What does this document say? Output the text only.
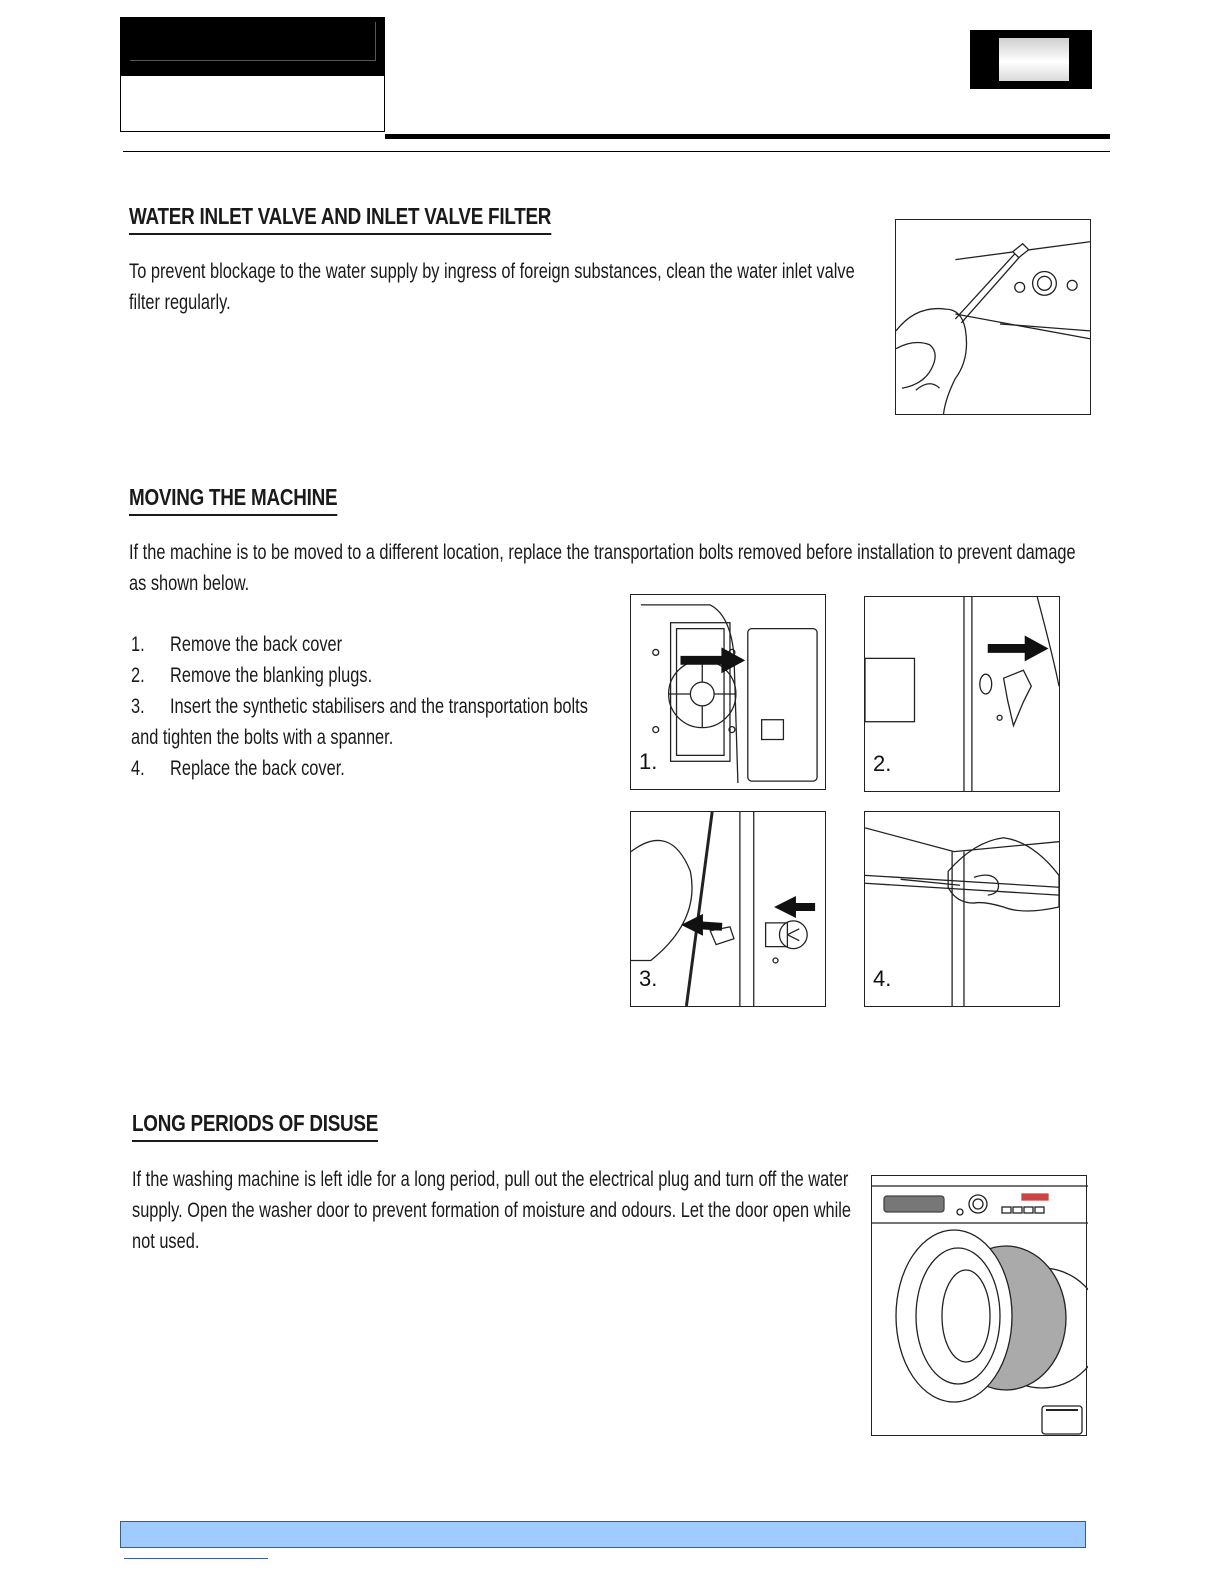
WATER INLET VALVE AND INLET VALVE FILTER

To prevent blockage to the water supply by ingress of foreign substances, clean the water inlet valve filter regularly.

MOVING THE MACHINE

If the machine is to be moved to a different location, replace the transportation bolts removed before installation to prevent damage as shown below.

1. Remove the back cover
2. Remove the blanking plugs.
3. Insert the synthetic stabilisers and the transportation bolts
and tighten the bolts with a spanner.
4. Replace the back cover.	1.	2.
3.	4.
LONG PERIODS OF DISUSE

If the washing machine is left idle for a long period, pull out the electrical plug and turn off the water supply. Open the washer door to prevent formation of moisture and odours. Let the door open while not used.
